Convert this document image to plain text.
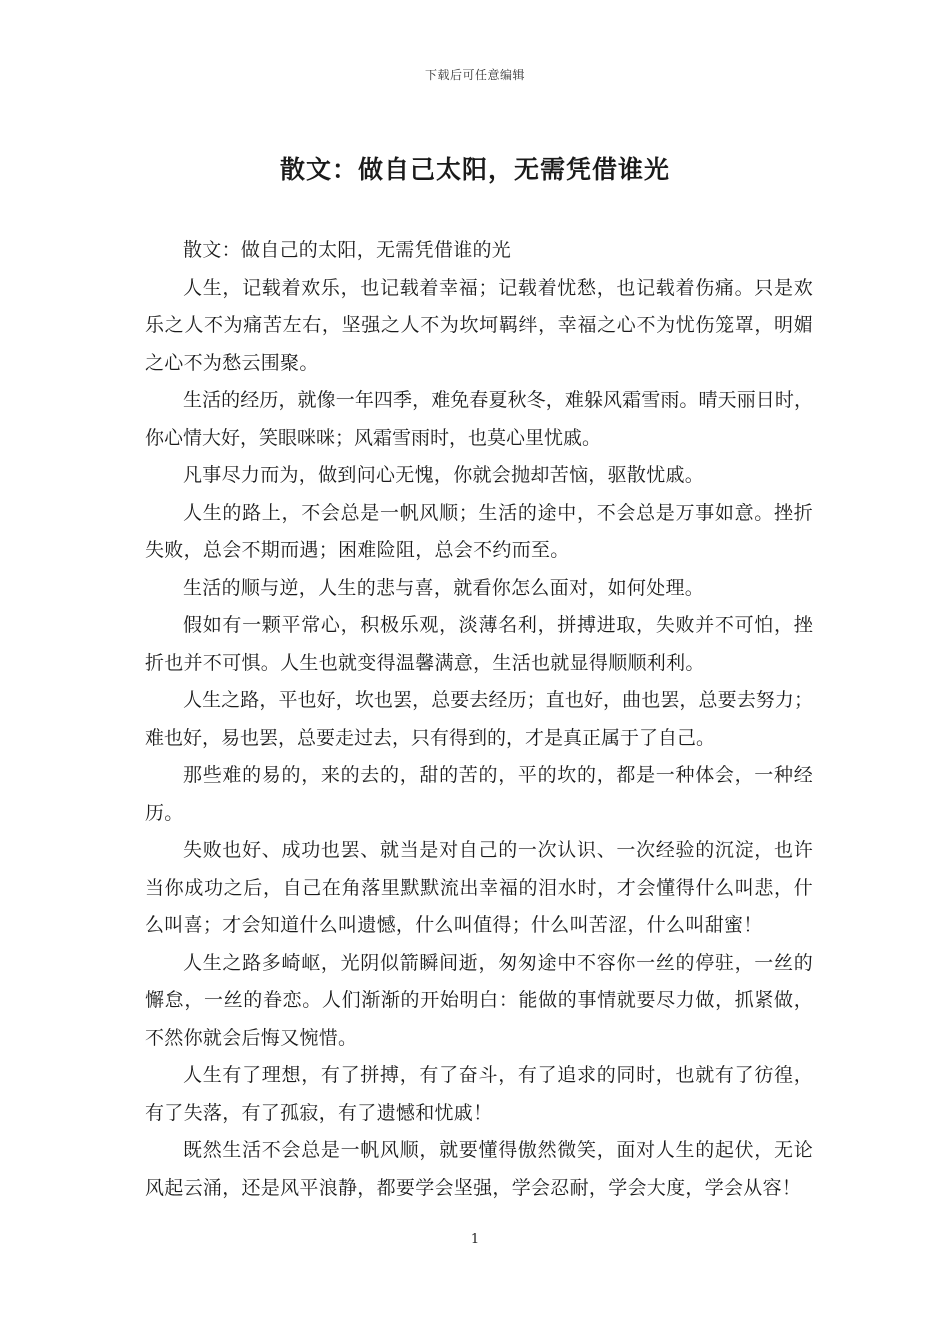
下载后可任意编辑
散文：做自己太阳，无需凭借谁光

散文：做自己的太阳，无需凭借谁的光

人生，记载着欢乐，也记载着幸福；记载着忧愁，也记载着伤痛。只是欢乐之人不为痛苦左右，坚强之人不为坎坷羁绊，幸福之心不为忧伤笼罩，明媚之心不为愁云围聚。

生活的经历，就像一年四季，难免春夏秋冬，难躲风霜雪雨。晴天丽日时，你心情大好，笑眼咪咪；风霜雪雨时，也莫心里忧戚。

凡事尽力而为，做到问心无愧，你就会抛却苦恼，驱散忧戚。

人生的路上，不会总是一帆风顺；生活的途中，不会总是万事如意。挫折失败，总会不期而遇；困难险阻，总会不约而至。

生活的顺与逆，人生的悲与喜，就看你怎么面对，如何处理。

假如有一颗平常心，积极乐观，淡薄名利，拼搏进取，失败并不可怕，挫折也并不可惧。人生也就变得温馨满意，生活也就显得顺顺利利。

人生之路，平也好，坎也罢，总要去经历；直也好，曲也罢，总要去努力；难也好，易也罢，总要走过去，只有得到的，才是真正属于了自己。

那些难的易的，来的去的，甜的苦的，平的坎的，都是一种体会，一种经历。

失败也好、成功也罢、就当是对自己的一次认识、一次经验的沉淀，也许当你成功之后，自己在角落里默默流出幸福的泪水时，才会懂得什么叫悲，什么叫喜；才会知道什么叫遗憾，什么叫值得；什么叫苦涩，什么叫甜蜜！

人生之路多崎岖，光阴似箭瞬间逝，匆匆途中不容你一丝的停驻，一丝的懈怠，一丝的眷恋。人们渐渐的开始明白：能做的事情就要尽力做，抓紧做，不然你就会后悔又惋惜。

人生有了理想，有了拼搏，有了奋斗，有了追求的同时，也就有了彷徨，有了失落，有了孤寂，有了遗憾和忧戚！

既然生活不会总是一帆风顺，就要懂得傲然微笑，面对人生的起伏，无论风起云涌，还是风平浪静，都要学会坚强，学会忍耐，学会大度，学会从容！

1
